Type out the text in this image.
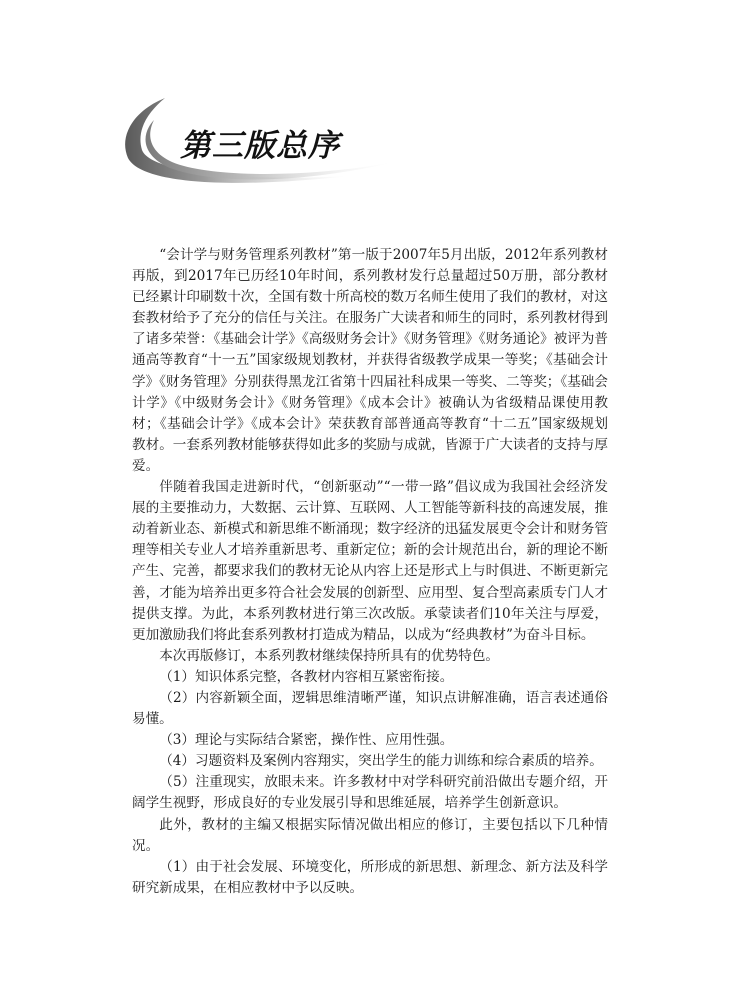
第三版总序

“会计学与财务管理系列教材”第一版于2007年5月出版，2012年系列教材再版，到2017年已历经10年时间，系列教材发行总量超过50万册，部分教材已经累计印刷数十次，全国有数十所高校的数万名师生使用了我们的教材，对这套教材给予了充分的信任与关注。在服务广大读者和师生的同时，系列教材得到了诸多荣誉：《基础会计学》《高级财务会计》《财务管理》《财务通论》被评为普通高等教育“十一五”国家级规划教材，并获得省级教学成果一等奖；《基础会计学》《财务管理》分别获得黑龙江省第十四届社科成果一等奖、二等奖；《基础会计学》《中级财务会计》《财务管理》《成本会计》被确认为省级精品课使用教材；《基础会计学》《成本会计》荣获教育部普通高等教育“十二五”国家级规划教材。一套系列教材能够获得如此多的奖励与成就，皆源于广大读者的支持与厚爱。

伴随着我国走进新时代，“创新驱动”“一带一路”倡议成为我国社会经济发展的主要推动力，大数据、云计算、互联网、人工智能等新科技的高速发展，推动着新业态、新模式和新思维不断涌现；数字经济的迅猛发展更令会计和财务管理等相关专业人才培养重新思考、重新定位；新的会计规范出台，新的理论不断产生、完善，都要求我们的教材无论从内容上还是形式上与时俱进、不断更新完善，才能为培养出更多符合社会发展的创新型、应用型、复合型高素质专门人才提供支撑。为此，本系列教材进行第三次改版。承蒙读者们10年关注与厚爱，更加激励我们将此套系列教材打造成为精品，以成为“经典教材”为奋斗目标。

本次再版修订，本系列教材继续保持所具有的优势特色。

（1）知识体系完整，各教材内容相互紧密衔接。

（2）内容新颖全面，逻辑思维清晰严谨，知识点讲解准确，语言表述通俗易懂。

（3）理论与实际结合紧密，操作性、应用性强。

（4）习题资料及案例内容翔实，突出学生的能力训练和综合素质的培养。

（5）注重现实，放眼未来。许多教材中对学科研究前沿做出专题介绍，开阔学生视野，形成良好的专业发展引导和思维延展，培养学生创新意识。

此外，教材的主编又根据实际情况做出相应的修订，主要包括以下几种情况。

（1）由于社会发展、环境变化，所形成的新思想、新理念、新方法及科学研究新成果，在相应教材中予以反映。
